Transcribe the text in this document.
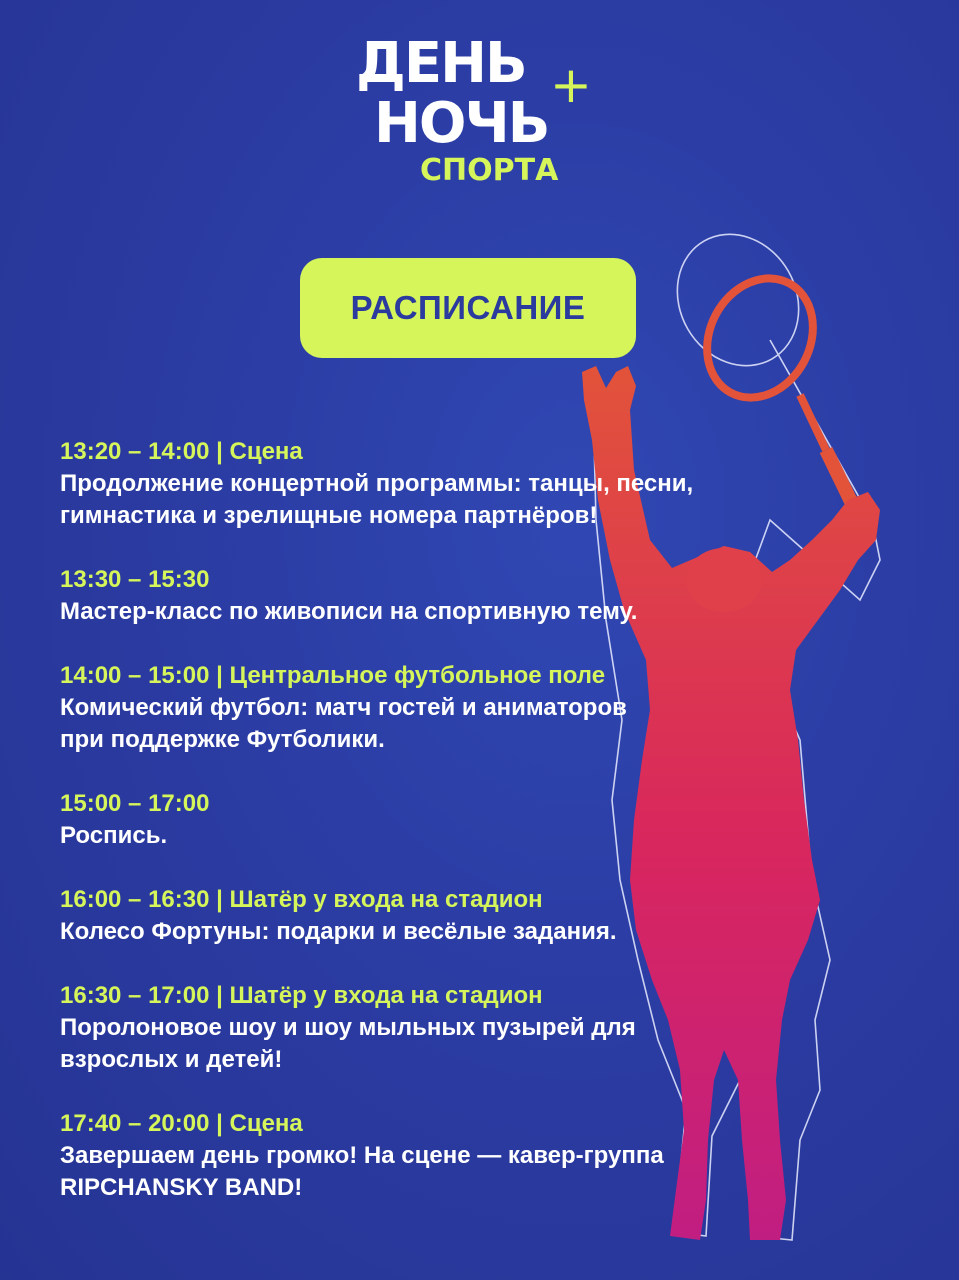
ДЕНЬ +
НОЧЬ
СПОРТА
РАСПИСАНИЕ
13:20 – 14:00 | Сцена
Продолжение концертной программы: танцы, песни,
гимнастика и зрелищные номера партнёров!
13:30 – 15:30
Мастер-класс по живописи на спортивную тему.
14:00 – 15:00 | Центральное футбольное поле
Комический футбол: матч гостей и аниматоров
при поддержке Футболики.
15:00 – 17:00
Роспись.
16:00 – 16:30 | Шатёр у входа на стадион
Колесо Фортуны: подарки и весёлые задания.
16:30 – 17:00 | Шатёр у входа на стадион
Поролоновое шоу и шоу мыльных пузырей для
взрослых и детей!
17:40 – 20:00 | Сцена
Завершаем день громко! На сцене — кавер-группа
RIPCHANSKY BAND!
